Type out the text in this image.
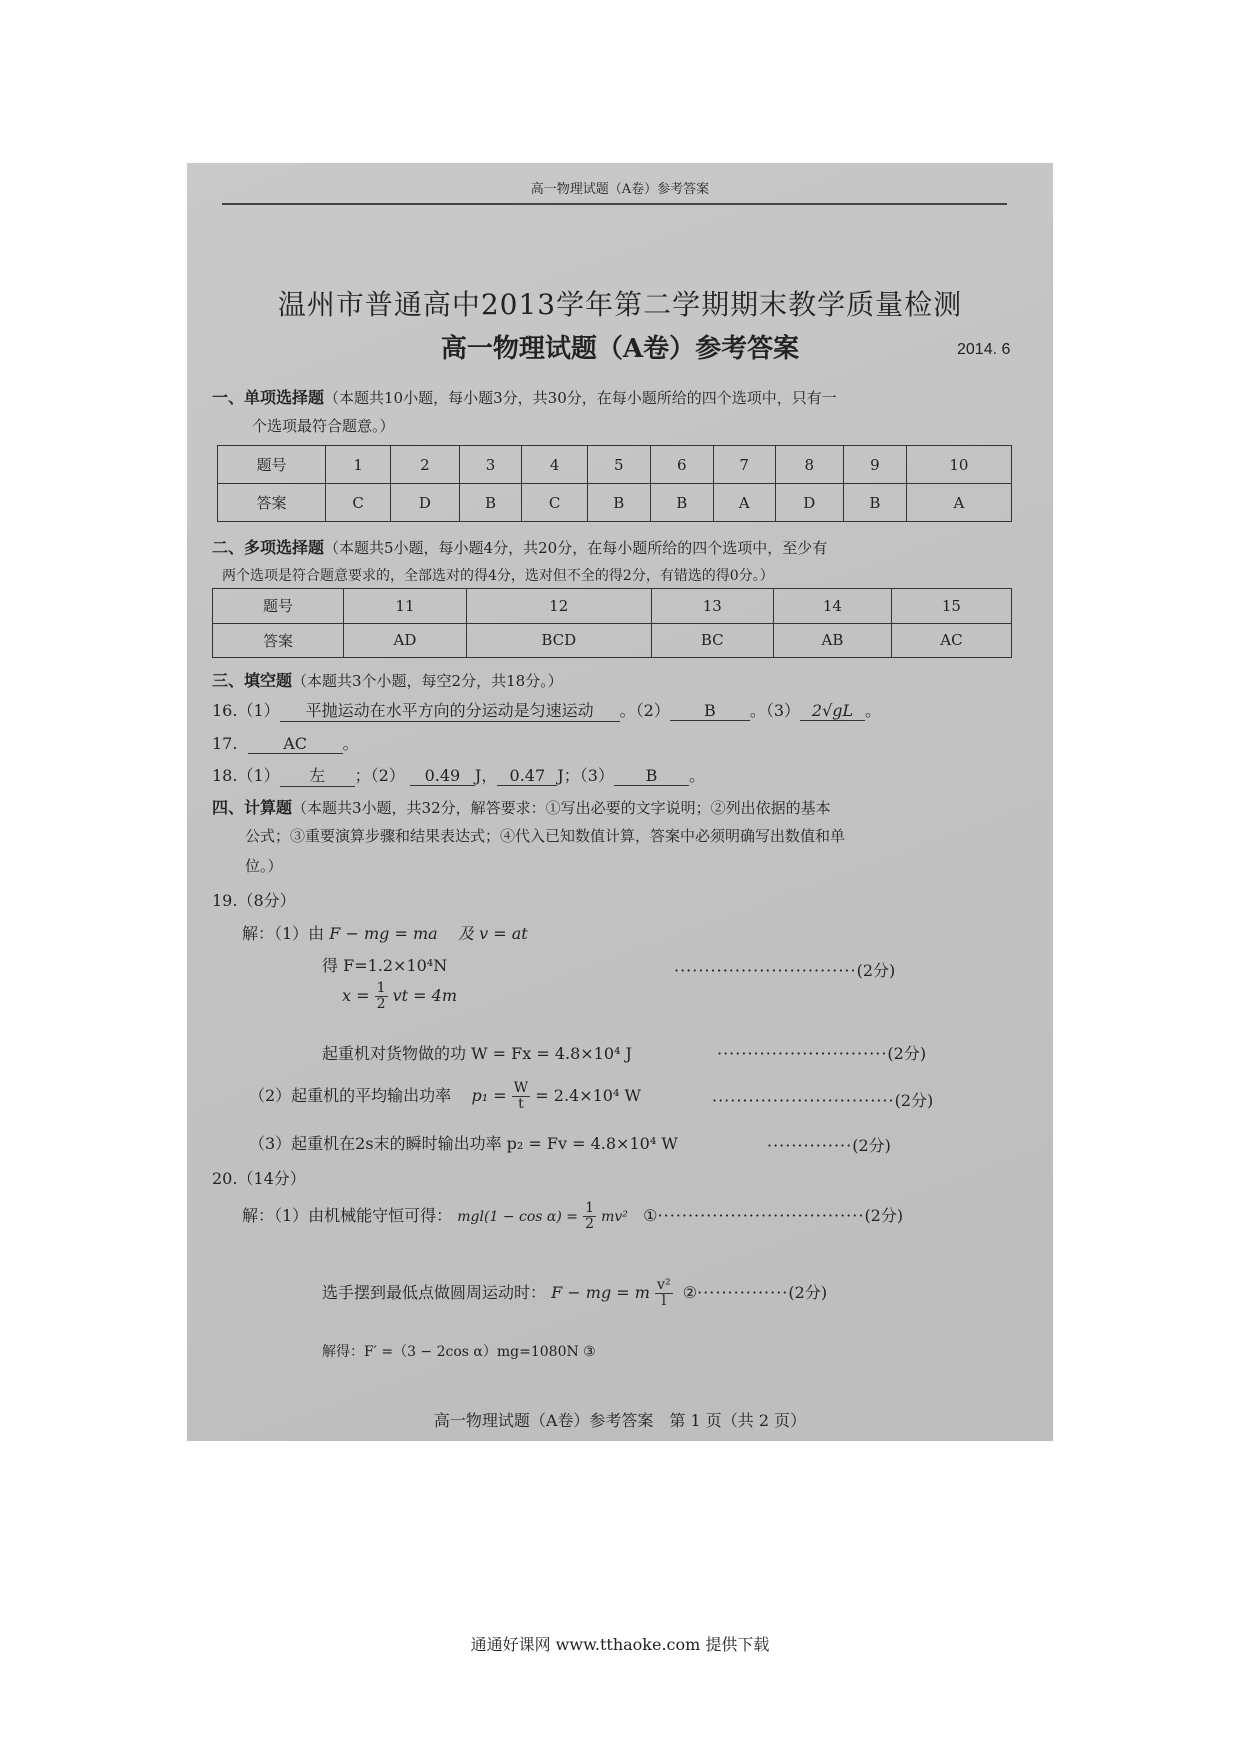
高一物理试题（A卷）参考答案
温州市普通高中2013学年第二学期期末教学质量检测
高一物理试题（A卷）参考答案	2014. 6
一、单项选择题（本题共10小题，每小题3分，共30分，在每小题所给的四个选项中，只有一
个选项最符合题意。）
题号	1	2	3	4	5	6	7	8	9	10
答案	C	D	B	C	B	B	A	D	B	A
二、多项选择题（本题共5小题，每小题4分，共20分，在每小题所给的四个选项中，至少有
两个选项是符合题意要求的，全部选对的得4分，选对但不全的得2分，有错选的得0分。）
题号	11	12	13	14	15
答案	AD	BCD	BC	AB	AC
三、填空题（本题共3个小题，每空2分，共18分。）
16.（1） 平抛运动在水平方向的分运动是匀速运动 。（2） B 。（3） 2√gL 。
17.	AC 。
18.（1） 左 ；（2） 0.49 J， 0.47 J；（3） B 。
四、计算题（本题共3小题，共32分，解答要求：①写出必要的文字说明；②列出依据的基本
公式；③重要演算步骤和结果表达式；④代入已知数值计算，答案中必须明确写出数值和单
位。）
19.（8分）
解：（1）由 F − mg = ma 及 v = at
得 F=1.2×10⁴N	······························(2分)
$x = \frac{1}{2}$ vt = 4m
起重机对货物做的功 W = Fx = 4.8×10⁴ J	····························(2分)
（2）起重机的平均输出功率 $p_1 = \frac{W}{t} = 2.4\times 10^4$ W	······························(2分)
（3）起重机在2s末的瞬时输出功率 p₂ = Fv = 4.8×10⁴ W	··············(2分)
20.（14分）
解：（1）由机械能守恒可得： $mgl(1 - \cos \alpha) = \frac{1}{2} mv^2$ ①··································(2分)
选手摆到最低点做圆周运动时： F − mg = m $\frac{\text{v²}}{l}$ ②···············(2分)
解得：F′ =（3 − 2cos α）mg=1080N ③
高一物理试题（A卷）参考答案　第 1 页（共 2 页）
通通好课网 www.tthaoke.com 提供下载
